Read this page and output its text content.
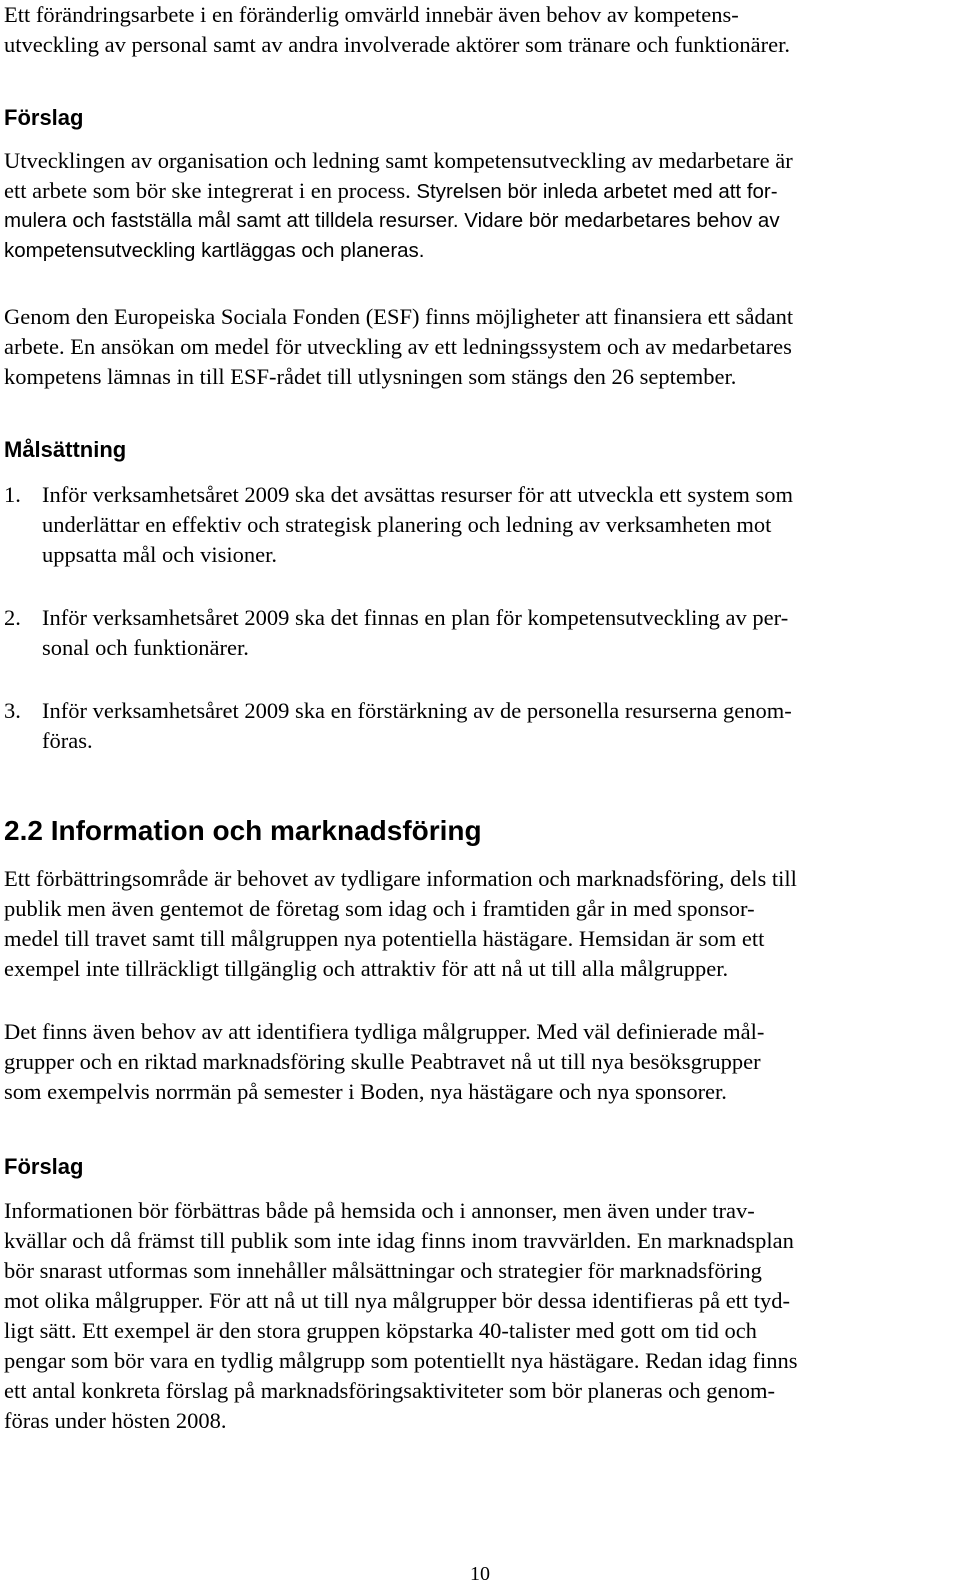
Ett förändringsarbete i en föränderlig omvärld innebär även behov av kompetens-
utveckling av personal samt av andra involverade aktörer som tränare och funktionärer.
Förslag
Utvecklingen av organisation och ledning samt kompetensutveckling av medarbetare är
ett arbete som bör ske integrerat i en process. Styrelsen bör inleda arbetet med att for-
mulera och fastställa mål samt att tilldela resurser. Vidare bör medarbetares behov av
kompetensutveckling kartläggas och planeras.
Genom den Europeiska Sociala Fonden (ESF) finns möjligheter att finansiera ett sådant
arbete. En ansökan om medel för utveckling av ett ledningssystem och av medarbetares
kompetens lämnas in till ESF-rådet till utlysningen som stängs den 26 september.
Målsättning
1. Inför verksamhetsåret 2009 ska det avsättas resurser för att utveckla ett system som
underlättar en effektiv och strategisk planering och ledning av verksamheten mot
uppsatta mål och visioner.
2. Inför verksamhetsåret 2009 ska det finnas en plan för kompetensutveckling av per-
sonal och funktionärer.
3. Inför verksamhetsåret 2009 ska en förstärkning av de personella resurserna genom-
föras.
2.2 Information och marknadsföring
Ett förbättringsområde är behovet av tydligare information och marknadsföring, dels till
publik men även gentemot de företag som idag och i framtiden går in med sponsor-
medel till travet samt till målgruppen nya potentiella hästägare. Hemsidan är som ett
exempel inte tillräckligt tillgänglig och attraktiv för att nå ut till alla målgrupper.
Det finns även behov av att identifiera tydliga målgrupper. Med väl definierade mål-
grupper och en riktad marknadsföring skulle Peabtravet nå ut till nya besöksgrupper
som exempelvis norrmän på semester i Boden, nya hästägare och nya sponsorer.
Förslag
Informationen bör förbättras både på hemsida och i annonser, men även under trav-
kvällar och då främst till publik som inte idag finns inom travvärlden. En marknadsplan
bör snarast utformas som innehåller målsättningar och strategier för marknadsföring
mot olika målgrupper. För att nå ut till nya målgrupper bör dessa identifieras på ett tyd-
ligt sätt. Ett exempel är den stora gruppen köpstarka 40-talister med gott om tid och
pengar som bör vara en tydlig målgrupp som potentiellt nya hästägare. Redan idag finns
ett antal konkreta förslag på marknadsföringsaktiviteter som bör planeras och genom-
föras under hösten 2008.
10
